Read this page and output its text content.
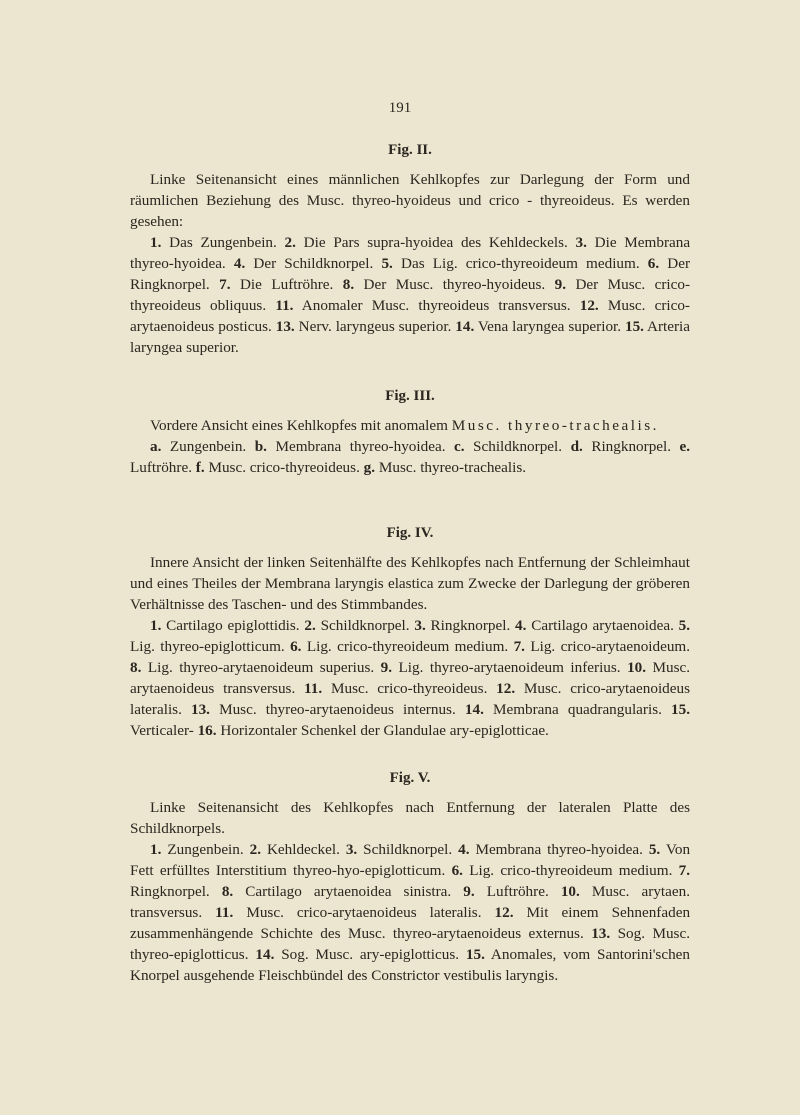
191
Fig. II.

Linke Seitenansicht eines männlichen Kehlkopfes zur Darlegung der Form und räumlichen Beziehung des Musc. thyreo-hyoideus und crico - thyreoideus. Es werden gesehen:

1. Das Zungenbein. 2. Die Pars supra-hyoidea des Kehldeckels. 3. Die Membrana thyreo-hyoidea. 4. Der Schildknorpel. 5. Das Lig. crico-thyreoideum medium. 6. Der Ringknorpel. 7. Die Luftröhre. 8. Der Musc. thyreo-hyoideus. 9. Der Musc. crico-thyreoideus obliquus. 11. Anomaler Musc. thyreoideus transversus. 12. Musc. crico-arytaenoideus posticus. 13. Nerv. laryngeus superior. 14. Vena laryngea superior. 15. Arteria laryngea superior.

Fig. III.

Vordere Ansicht eines Kehlkopfes mit anomalem Musc. thyreo-trachealis.

a. Zungenbein. b. Membrana thyreo-hyoidea. c. Schildknorpel. d. Ringknorpel. e. Luftröhre. f. Musc. crico-thyreoideus. g. Musc. thyreo-trachealis.

Fig. IV.

Innere Ansicht der linken Seitenhälfte des Kehlkopfes nach Entfernung der Schleimhaut und eines Theiles der Membrana laryngis elastica zum Zwecke der Darlegung der gröberen Verhältnisse des Taschen- und des Stimmbandes.

1. Cartilago epiglottidis. 2. Schildknorpel. 3. Ringknorpel. 4. Cartilago arytaenoidea. 5. Lig. thyreo-epiglotticum. 6. Lig. crico-thyreoideum medium. 7. Lig. crico-arytaenoideum. 8. Lig. thyreo-arytaenoideum superius. 9. Lig. thyreo-arytaenoideum inferius. 10. Musc. arytaenoideus transversus. 11. Musc. crico-thyreoideus. 12. Musc. crico-arytaenoideus lateralis. 13. Musc. thyreo-arytaenoideus internus. 14. Membrana quadrangularis. 15. Verticaler- 16. Horizontaler Schenkel der Glandulae ary-epiglotticae.

Fig. V.

Linke Seitenansicht des Kehlkopfes nach Entfernung der lateralen Platte des Schildknorpels.

1. Zungenbein. 2. Kehldeckel. 3. Schildknorpel. 4. Membrana thyreo-hyoidea. 5. Von Fett erfülltes Interstitium thyreo-hyo-epiglotticum. 6. Lig. crico-thyreoideum medium. 7. Ringknorpel. 8. Cartilago arytaenoidea sinistra. 9. Luftröhre. 10. Musc. arytaen. transversus. 11. Musc. crico-arytaenoideus lateralis. 12. Mit einem Sehnenfaden zusammenhängende Schichte des Musc. thyreo-arytaenoideus externus. 13. Sog. Musc. thyreo-epiglotticus. 14. Sog. Musc. ary-epiglotticus. 15. Anomales, vom Santorini'schen Knorpel ausgehende Fleischbündel des Constrictor vestibulis laryngis.
